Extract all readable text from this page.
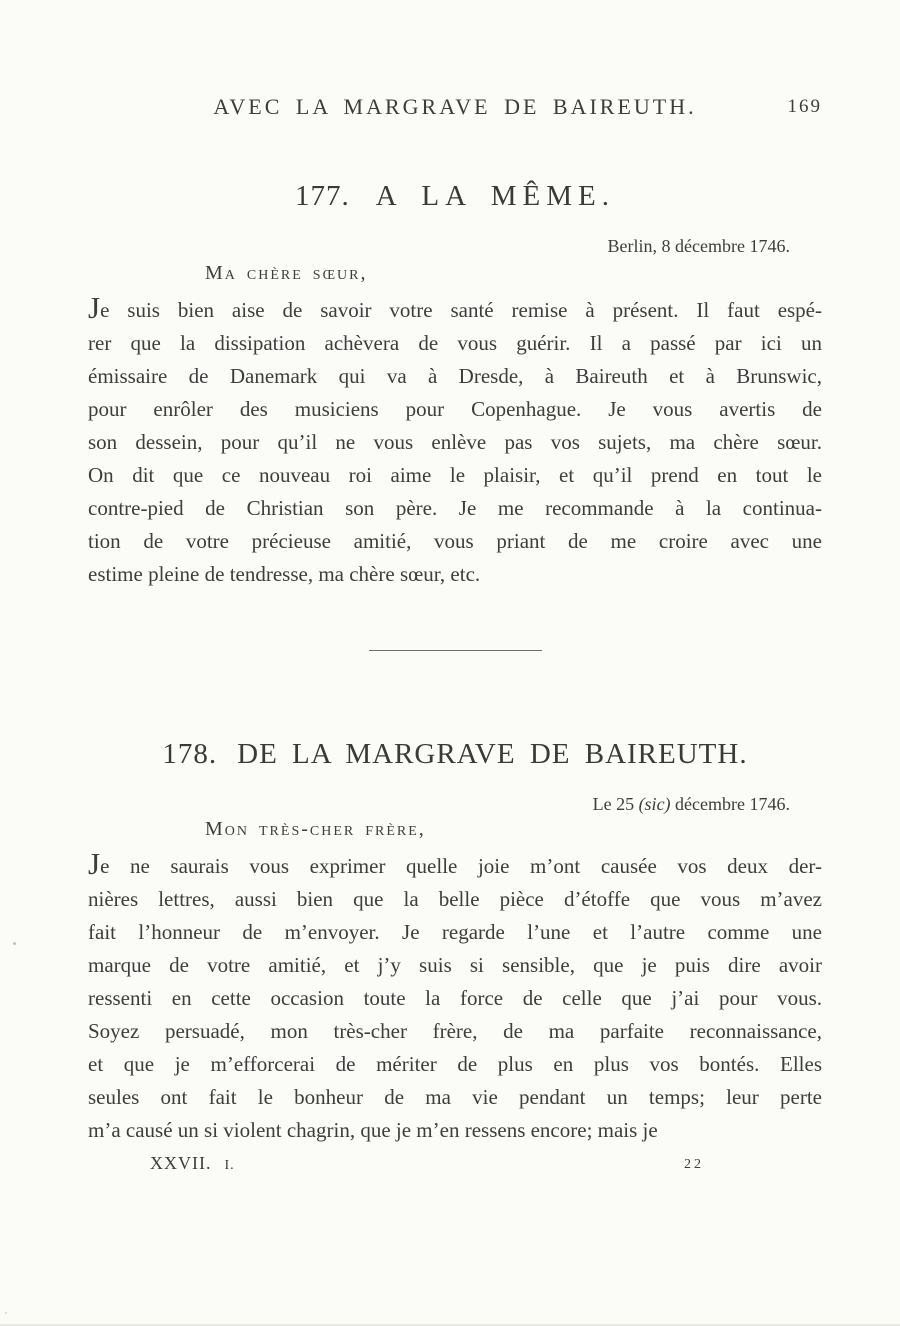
AVEC LA MARGRAVE DE BAIREUTH.	169
177. A LA MÊME.
Berlin, 8 décembre 1746.
Ma chère sœur,
Je suis bien aise de savoir votre santé remise à présent. Il faut espé-
rer que la dissipation achèvera de vous guérir. Il a passé par ici un
émissaire de Danemark qui va à Dresde, à Baireuth et à Brunswic,
pour enrôler des musiciens pour Copenhague. Je vous avertis de
son dessein, pour qu’il ne vous enlève pas vos sujets, ma chère sœur.
On dit que ce nouveau roi aime le plaisir, et qu’il prend en tout le
contre-pied de Christian son père. Je me recommande à la continua-
tion de votre précieuse amitié, vous priant de me croire avec une
estime pleine de tendresse, ma chère sœur, etc.
178. DE LA MARGRAVE DE BAIREUTH.
Le 25 (sic) décembre 1746.
Mon très-cher frère,
Je ne saurais vous exprimer quelle joie m’ont causée vos deux der-
nières lettres, aussi bien que la belle pièce d’étoffe que vous m’avez
fait l’honneur de m’envoyer. Je regarde l’une et l’autre comme une
marque de votre amitié, et j’y suis si sensible, que je puis dire avoir
ressenti en cette occasion toute la force de celle que j’ai pour vous.
Soyez persuadé, mon très-cher frère, de ma parfaite reconnaissance,
et que je m’efforcerai de mériter de plus en plus vos bontés. Elles
seules ont fait le bonheur de ma vie pendant un temps; leur perte
m’a causé un si violent chagrin, que je m’en ressens encore; mais je
XXVII. I.	22
